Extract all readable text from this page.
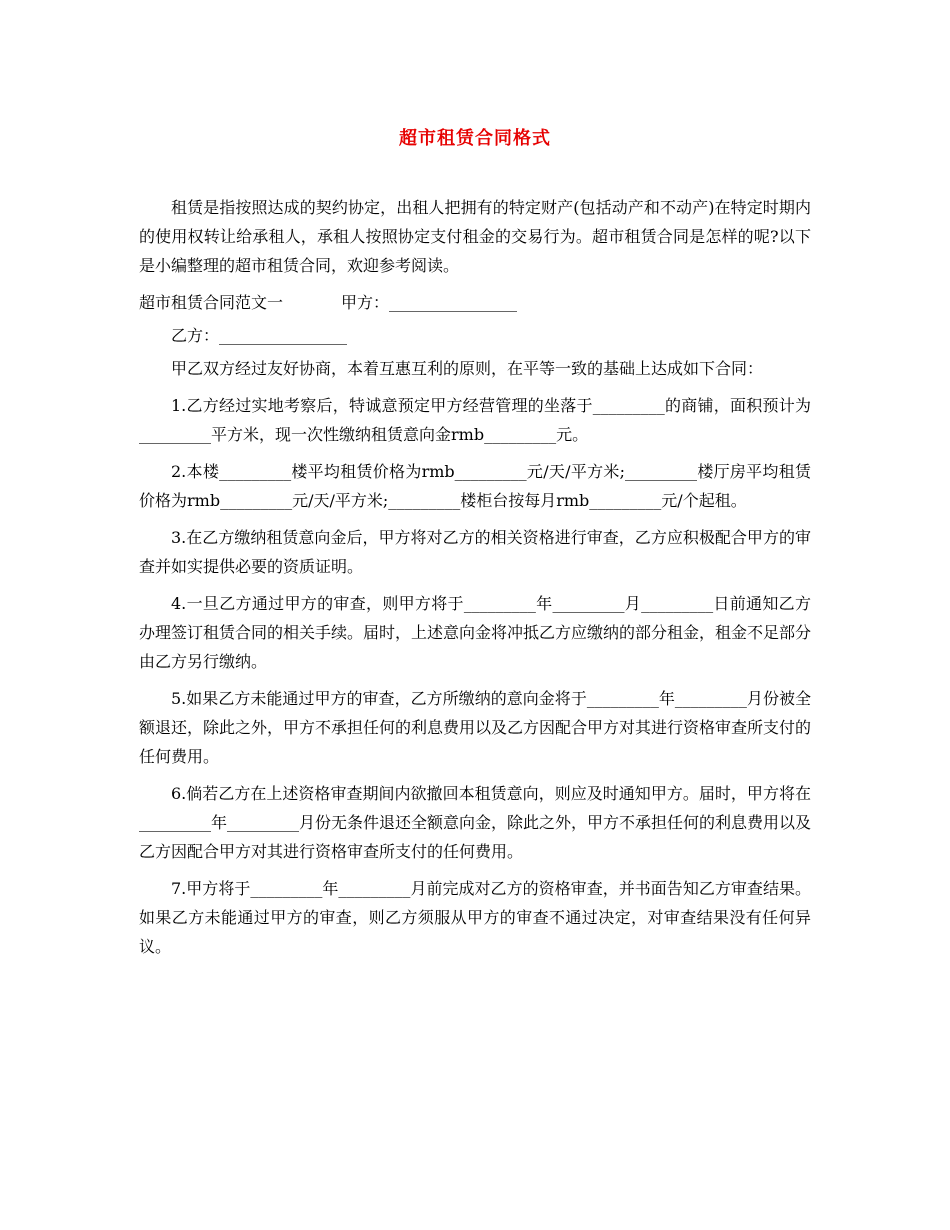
超市租赁合同格式

租赁是指按照达成的契约协定，出租人把拥有的特定财产(包括动产和不动产)在特定时期内的使用权转让给承租人，承租人按照协定支付租金的交易行为。超市租赁合同是怎样的呢?以下是小编整理的超市租赁合同，欢迎参考阅读。

超市租赁合同范文一	甲方：________________

乙方：________________

甲乙双方经过友好协商，本着互惠互利的原则，在平等一致的基础上达成如下合同：

1.乙方经过实地考察后，特诚意预定甲方经营管理的坐落于_________的商铺，面积预计为_________平方米，现一次性缴纳租赁意向金rmb_________元。

2.本楼_________楼平均租赁价格为rmb_________元/天/平方米;_________楼厅房平均租赁价格为rmb_________元/天/平方米;_________楼柜台按每月rmb_________元/个起租。

3.在乙方缴纳租赁意向金后，甲方将对乙方的相关资格进行审查，乙方应积极配合甲方的审查并如实提供必要的资质证明。

4.一旦乙方通过甲方的审查，则甲方将于_________年_________月_________日前通知乙方办理签订租赁合同的相关手续。届时，上述意向金将冲抵乙方应缴纳的部分租金，租金不足部分由乙方另行缴纳。

5.如果乙方未能通过甲方的审查，乙方所缴纳的意向金将于_________年_________月份被全额退还，除此之外，甲方不承担任何的利息费用以及乙方因配合甲方对其进行资格审查所支付的任何费用。

6.倘若乙方在上述资格审查期间内欲撤回本租赁意向，则应及时通知甲方。届时，甲方将在_________年_________月份无条件退还全额意向金，除此之外，甲方不承担任何的利息费用以及乙方因配合甲方对其进行资格审查所支付的任何费用。

7.甲方将于_________年_________月前完成对乙方的资格审查，并书面告知乙方审查结果。如果乙方未能通过甲方的审查，则乙方须服从甲方的审查不通过决定，对审查结果没有任何异议。
